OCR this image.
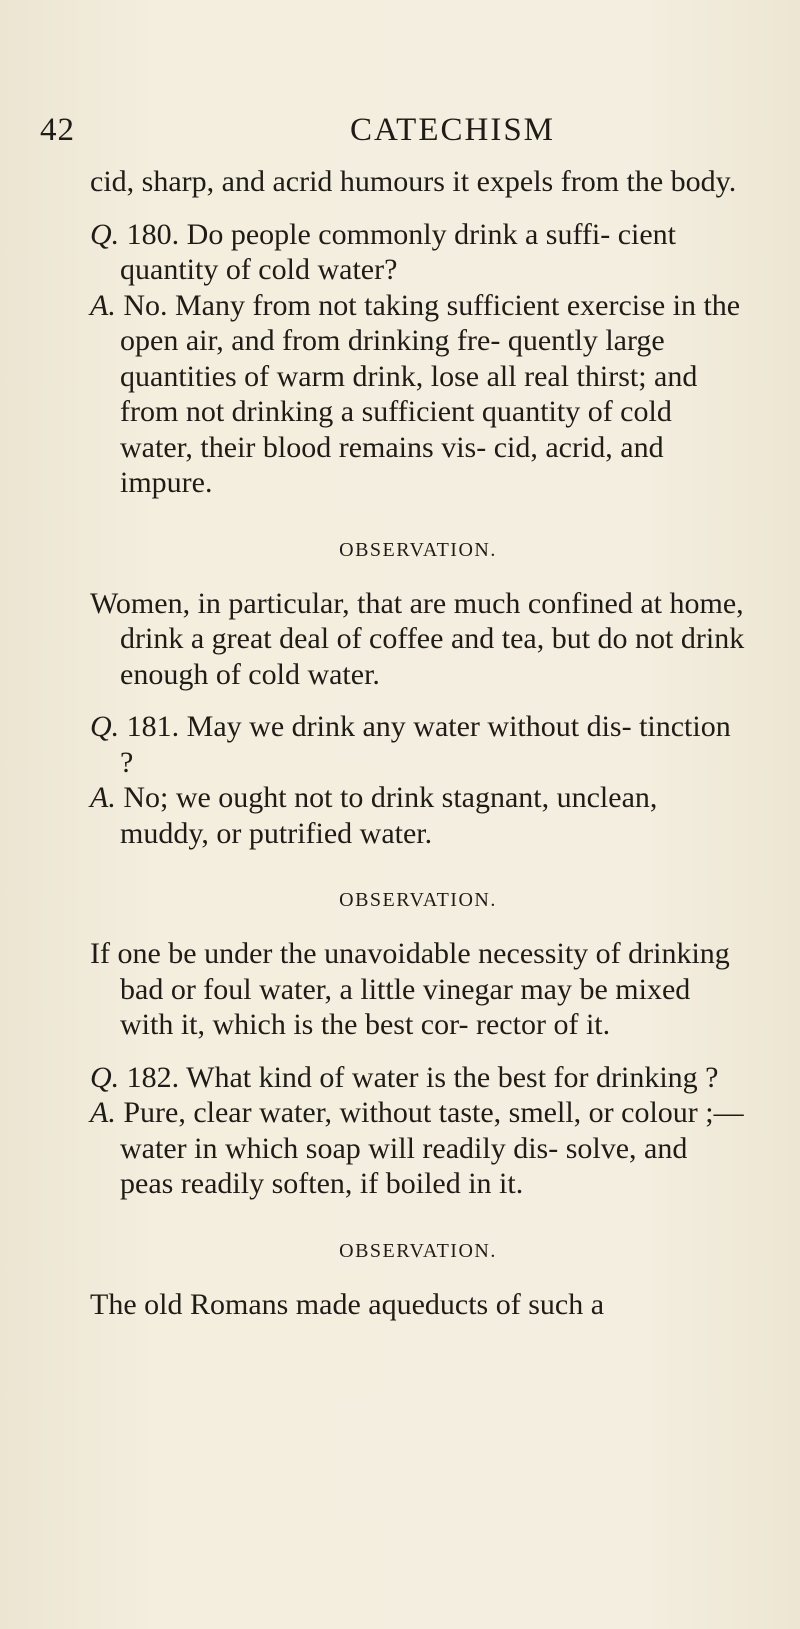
42	CATECHISM

cid, sharp, and acrid humours it expels from the body.

Q. 180. Do people commonly drink a suffi- cient quantity of cold water?

A. No. Many from not taking sufficient exercise in the open air, and from drinking fre- quently large quantities of warm drink, lose all real thirst; and from not drinking a sufficient quantity of cold water, their blood remains vis- cid, acrid, and impure.

OBSERVATION.

Women, in particular, that are much confined at home, drink a great deal of coffee and tea, but do not drink enough of cold water.

Q. 181. May we drink any water without dis- tinction ?

A. No; we ought not to drink stagnant, unclean, muddy, or putrified water.

OBSERVATION.

If one be under the unavoidable necessity of drinking bad or foul water, a little vinegar may be mixed with it, which is the best cor- rector of it.

Q. 182. What kind of water is the best for drinking ?

A. Pure, clear water, without taste, smell, or colour ;—water in which soap will readily dis- solve, and peas readily soften, if boiled in it.

OBSERVATION.

The old Romans made aqueducts of such a
